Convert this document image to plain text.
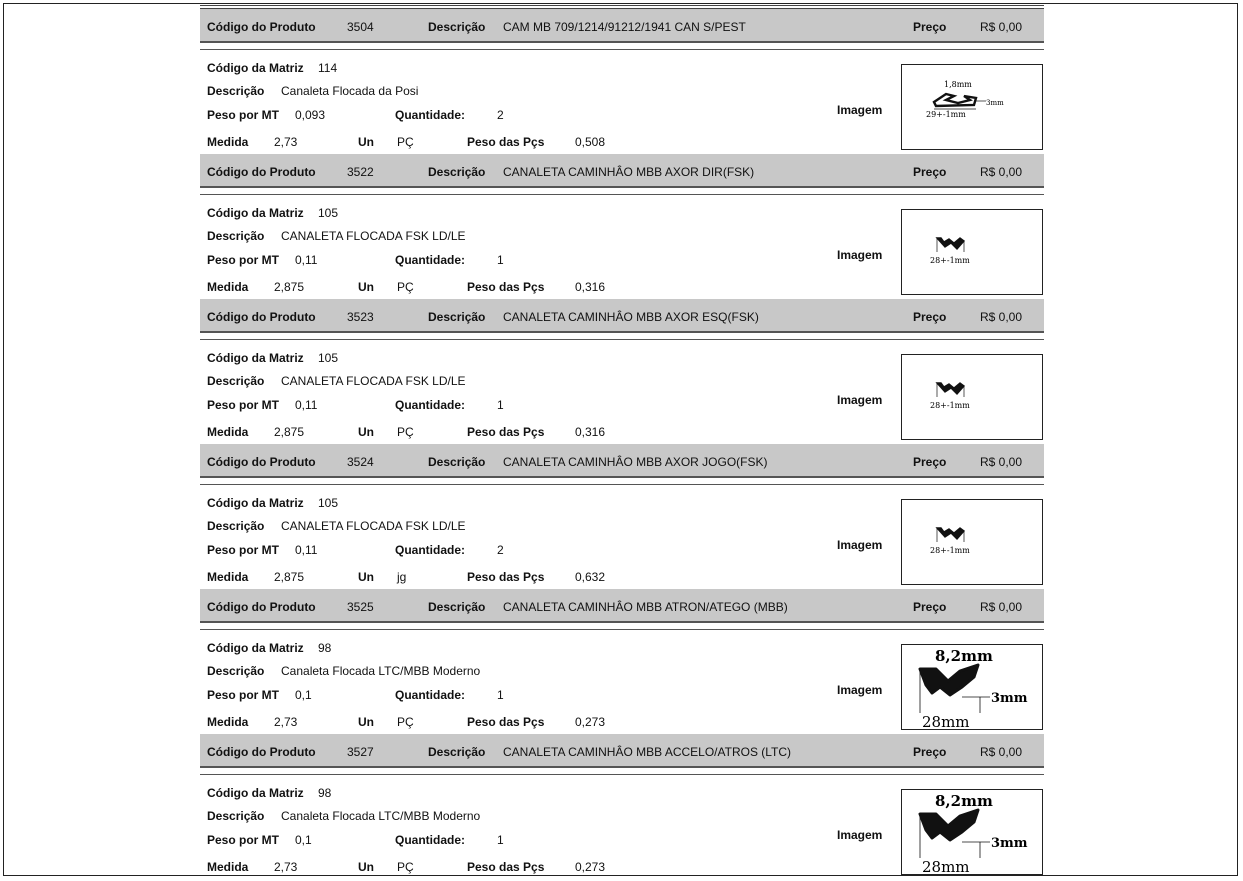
Código do Produto	3504	Descrição CAM MB 709/1214/91212/1941 CAN S/PEST	Preço	R$ 0,00
Código da Matriz 114
Descrição Canaleta Flocada da Posi
Peso por MT 0,093	Quantidade:	2
Medida 2,73	Un PÇ	Peso das Pçs	0,508
Imagem
1,8mm
3mm
29+-1mm
Código do Produto	3522	Descrição CANALETA CAMINHÂO MBB AXOR DIR(FSK)	Preço	R$ 0,00
Código da Matriz 105
Descrição CANALETA FLOCADA FSK LD/LE
Peso por MT 0,11	Quantidade:	1
Medida 2,875	Un PÇ	Peso das Pçs	0,316
Imagem	28+-1mm
Código do Produto	3523	Descrição CANALETA CAMINHÂO MBB AXOR ESQ(FSK)	Preço	R$ 0,00
Código da Matriz 105
Descrição CANALETA FLOCADA FSK LD/LE
Peso por MT 0,11	Quantidade:	1
Medida 2,875	Un PÇ	Peso das Pçs	0,316
Imagem	28+-1mm
Código do Produto	3524	Descrição CANALETA CAMINHÂO MBB AXOR JOGO(FSK)	Preço	R$ 0,00
Código da Matriz 105
Descrição CANALETA FLOCADA FSK LD/LE
Peso por MT 0,11	Quantidade:	2
Medida 2,875	Un jg	Peso das Pçs	0,632
Imagem	28+-1mm
Código do Produto	3525	Descrição CANALETA CAMINHÂO MBB ATRON/ATEGO (MBB)	Preço	R$ 0,00
Código da Matriz 98
Descrição Canaleta Flocada LTC/MBB Moderno
Peso por MT 0,1	Quantidade:	1
Medida 2,73	Un PÇ	Peso das Pçs	0,273
Imagem
8,2mm
3mm
28mm
Código do Produto	3527	Descrição CANALETA CAMINHÂO MBB ACCELO/ATROS (LTC)	Preço	R$ 0,00
Código da Matriz 98
Descrição Canaleta Flocada LTC/MBB Moderno
Peso por MT 0,1	Quantidade:	1
Medida 2,73	Un PÇ	Peso das Pçs	0,273
Imagem
8,2mm
3mm
28mm
